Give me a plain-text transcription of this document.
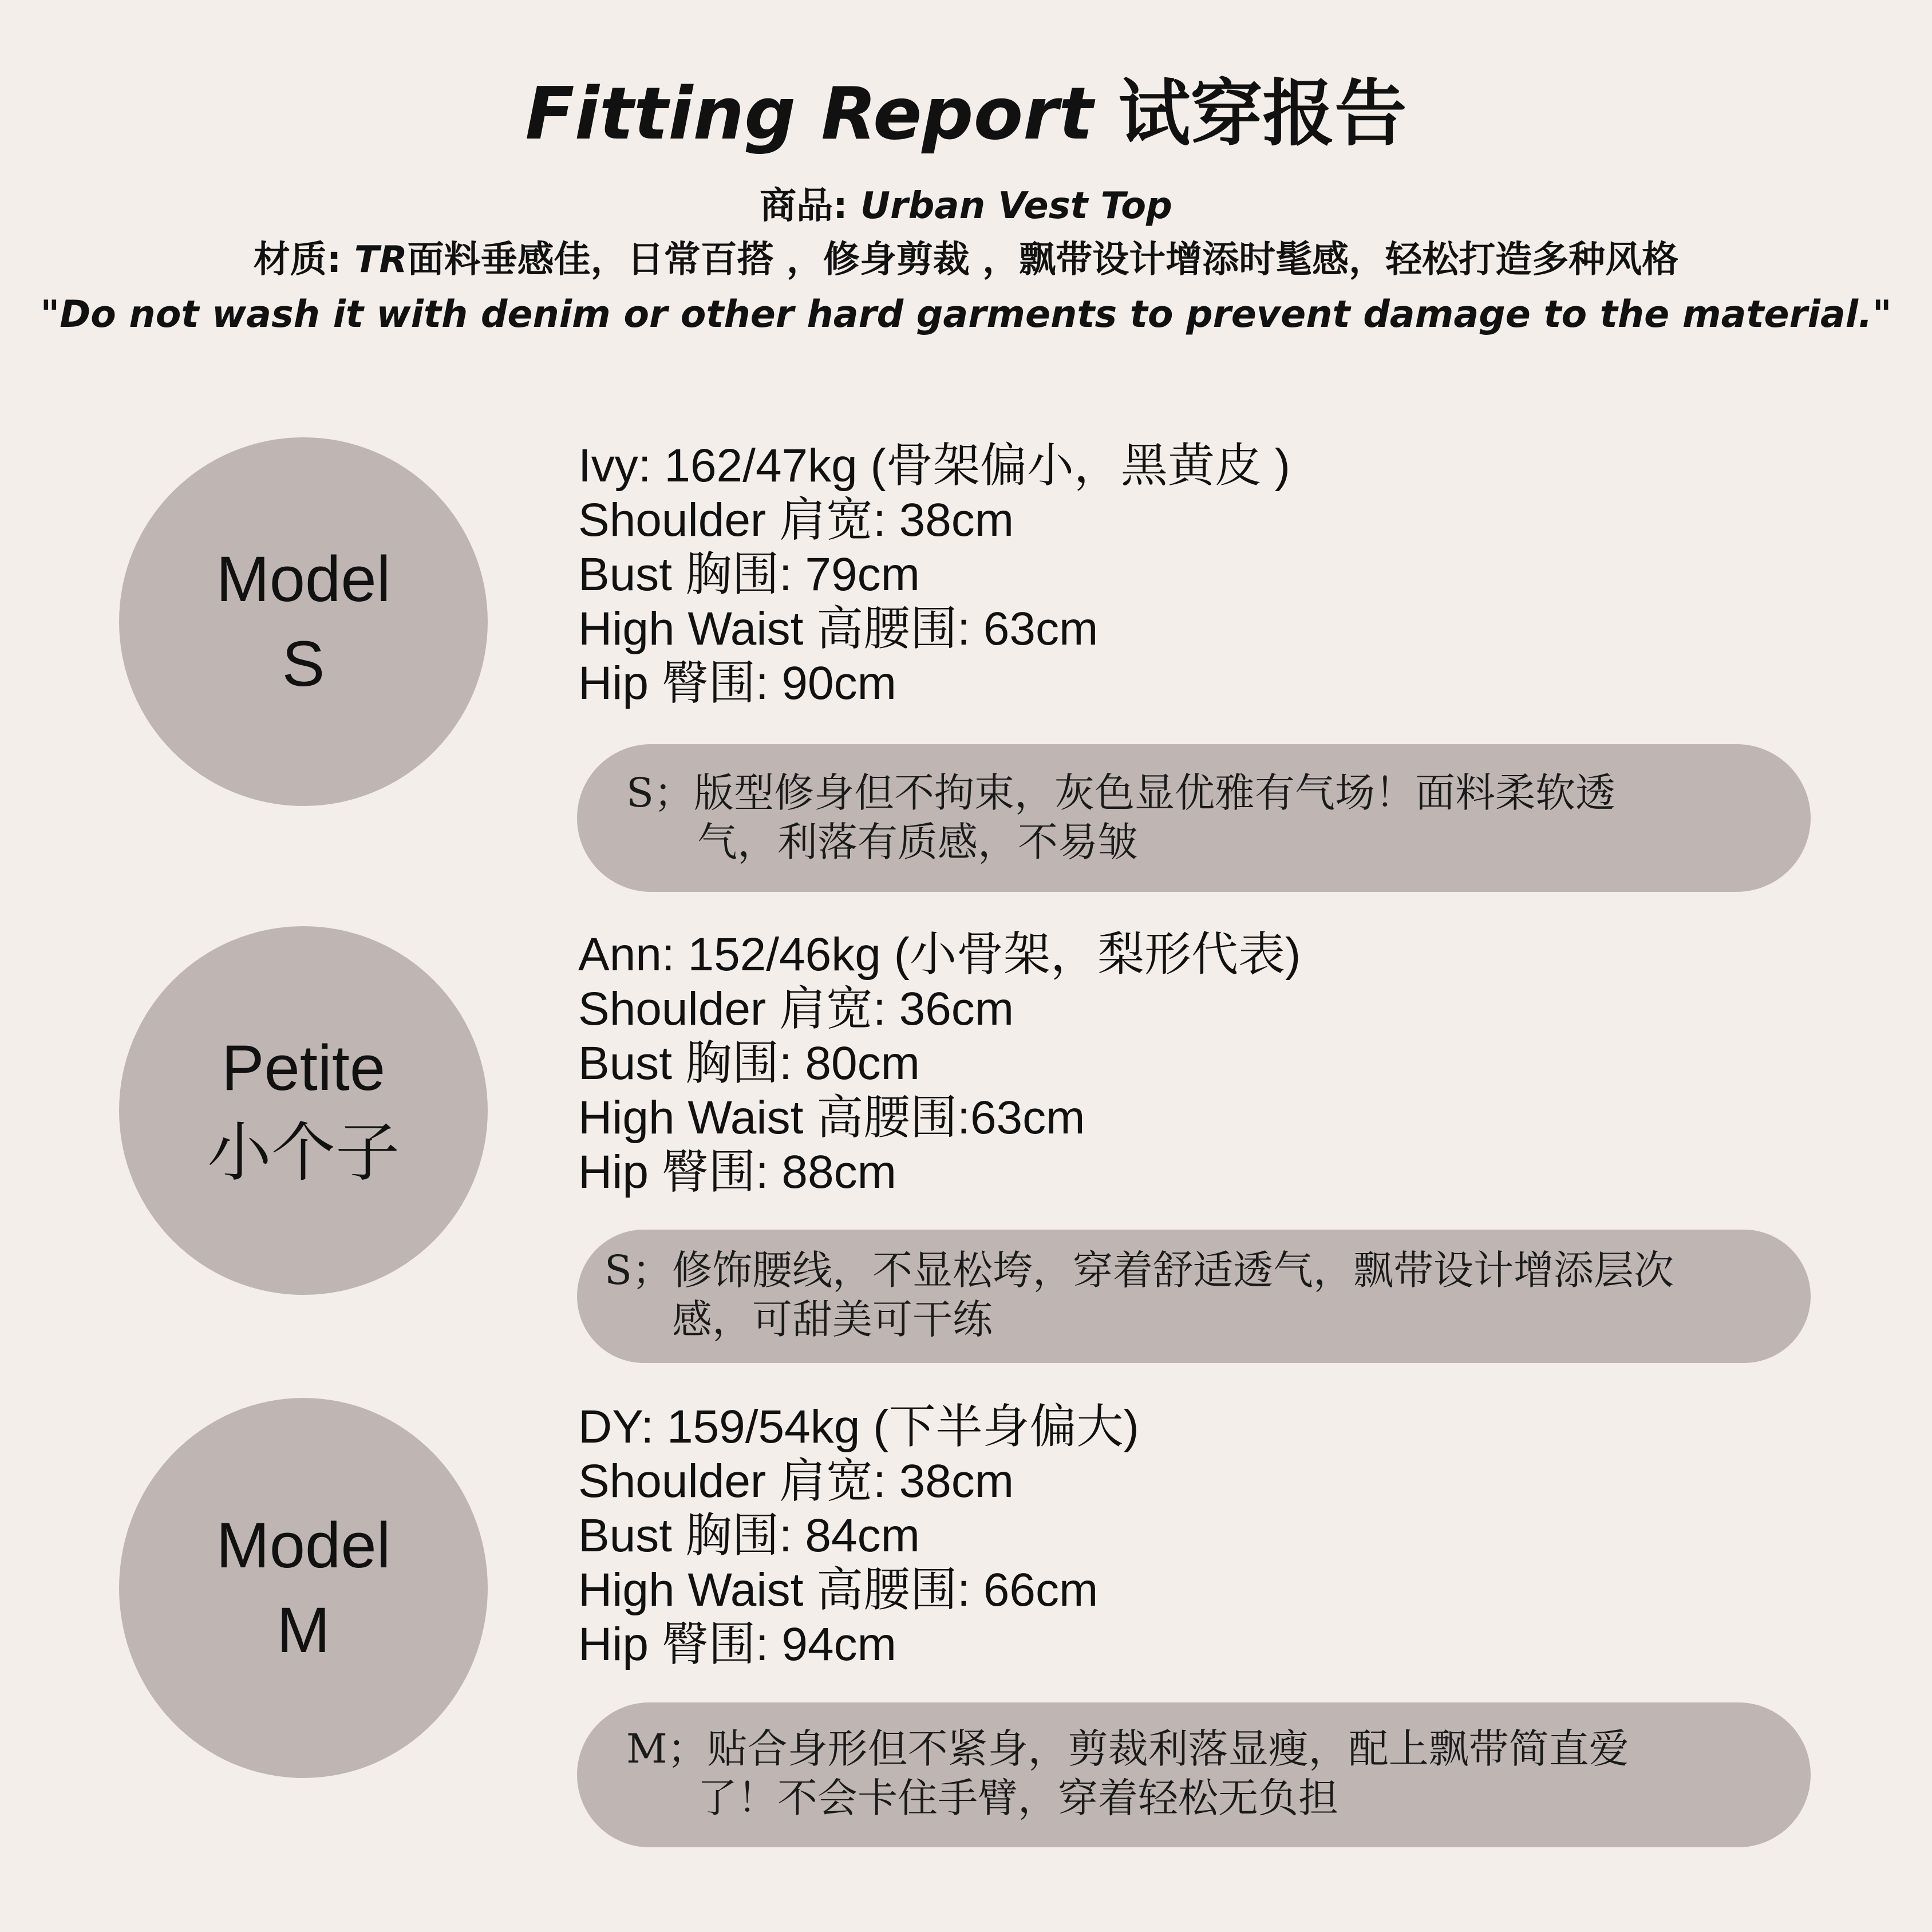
Fitting Report 试穿报告
商品: Urban Vest Top
材质: TR面料垂感佳，日常百搭 ，修身剪裁 ，飘带设计增添时髦感，轻松打造多种风格
"Do not wash it with denim or other hard garments to prevent damage to the material."
Model
S
Ivy: 162/47kg (骨架偏小，黑黄皮 )
Shoulder 肩宽: 38cm
Bust 胸围: 79cm
High Waist 高腰围: 63cm
Hip 臀围: 90cm
S；版型修身但不拘束，灰色显优雅有气场！面料柔软透
气，利落有质感，不易皱
Petite
小个子
Ann: 152/46kg (小骨架，梨形代表)
Shoulder 肩宽: 36cm
Bust 胸围: 80cm
High Waist 高腰围:63cm
Hip 臀围: 88cm
S；修饰腰线，不显松垮，穿着舒适透气，飘带设计增添层次
感，可甜美可干练
Model
M
DY: 159/54kg (下半身偏大)
Shoulder 肩宽: 38cm
Bust 胸围: 84cm
High Waist 高腰围: 66cm
Hip 臀围: 94cm
M；贴合身形但不紧身，剪裁利落显瘦，配上飘带简直爱
了！不会卡住手臂，穿着轻松无负担
